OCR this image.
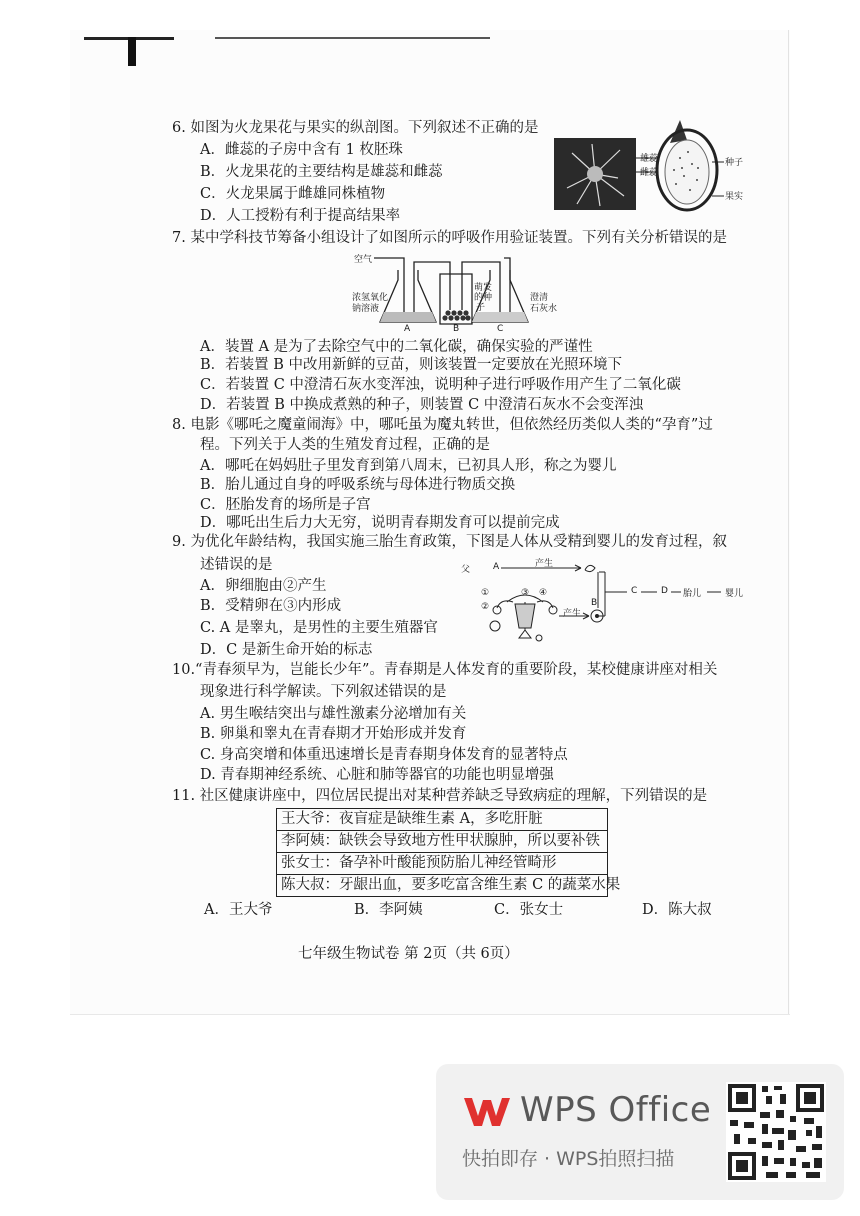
6. 如图为火龙果花与果实的纵剖图。下列叙述不正确的是
A．雌蕊的子房中含有 1 枚胚珠
B．火龙果花的主要结构是雄蕊和雌蕊
C．火龙果属于雌雄同株植物
D．人工授粉有利于提高结果率
雄蕊
雌蕊
种子
果实
7. 某中学科技节筹备小组设计了如图所示的呼吸作用验证装置。下列有关分析错误的是
空气
浓氢氧化
钠溶液
萌发
的种
子
澄清
石灰水
A	B	C
A．装置 A 是为了去除空气中的二氧化碳，确保实验的严谨性
B．若装置 B 中改用新鲜的豆苗，则该装置一定要放在光照环境下
C．若装置 C 中澄清石灰水变浑浊，说明种子进行呼吸作用产生了二氧化碳
D．若装置 B 中换成煮熟的种子，则装置 C 中澄清石灰水不会变浑浊
8. 电影《哪吒之魔童闹海》中，哪吒虽为魔丸转世，但依然经历类似人类的“孕育”过
程。下列关于人类的生殖发育过程，正确的是
A．哪吒在妈妈肚子里发育到第八周末，已初具人形，称之为婴儿
B．胎儿通过自身的呼吸系统与母体进行物质交换
C．胚胎发育的场所是子宫
D．哪吒出生后力大无穷，说明青春期发育可以提前完成
9. 为优化年龄结构，我国实施三胎生育政策，下图是人体从受精到婴儿的发育过程，叙
述错误的是
A．卵细胞由②产生
B．受精卵在③内形成
C. A 是睾丸，是男性的主要生殖器官
D．C 是新生命开始的标志
父	A	产生
产生
B
C	D 胎儿	婴儿
①
②
③ ④
10.“青春须早为，岂能长少年”。青春期是人体发育的重要阶段，某校健康讲座对相关
现象进行科学解读。下列叙述错误的是
A. 男生喉结突出与雄性激素分泌增加有关
B. 卵巢和睾丸在青春期才开始形成并发育
C. 身高突增和体重迅速增长是青春期身体发育的显著特点
D. 青春期神经系统、心脏和肺等器官的功能也明显增强
11. 社区健康讲座中，四位居民提出对某种营养缺乏导致病症的理解，下列错误的是
王大爷：夜盲症是缺维生素 A，多吃肝脏
李阿姨：缺铁会导致地方性甲状腺肿，所以要补铁
张女士：备孕补叶酸能预防胎儿神经管畸形
陈大叔：牙龈出血，要多吃富含维生素 C 的蔬菜水果
A．王大爷	B．李阿姨	C．张女士	D．陈大叔
七年级生物试卷 第 2页（共 6页）
WPS Office
快拍即存 · WPS拍照扫描
